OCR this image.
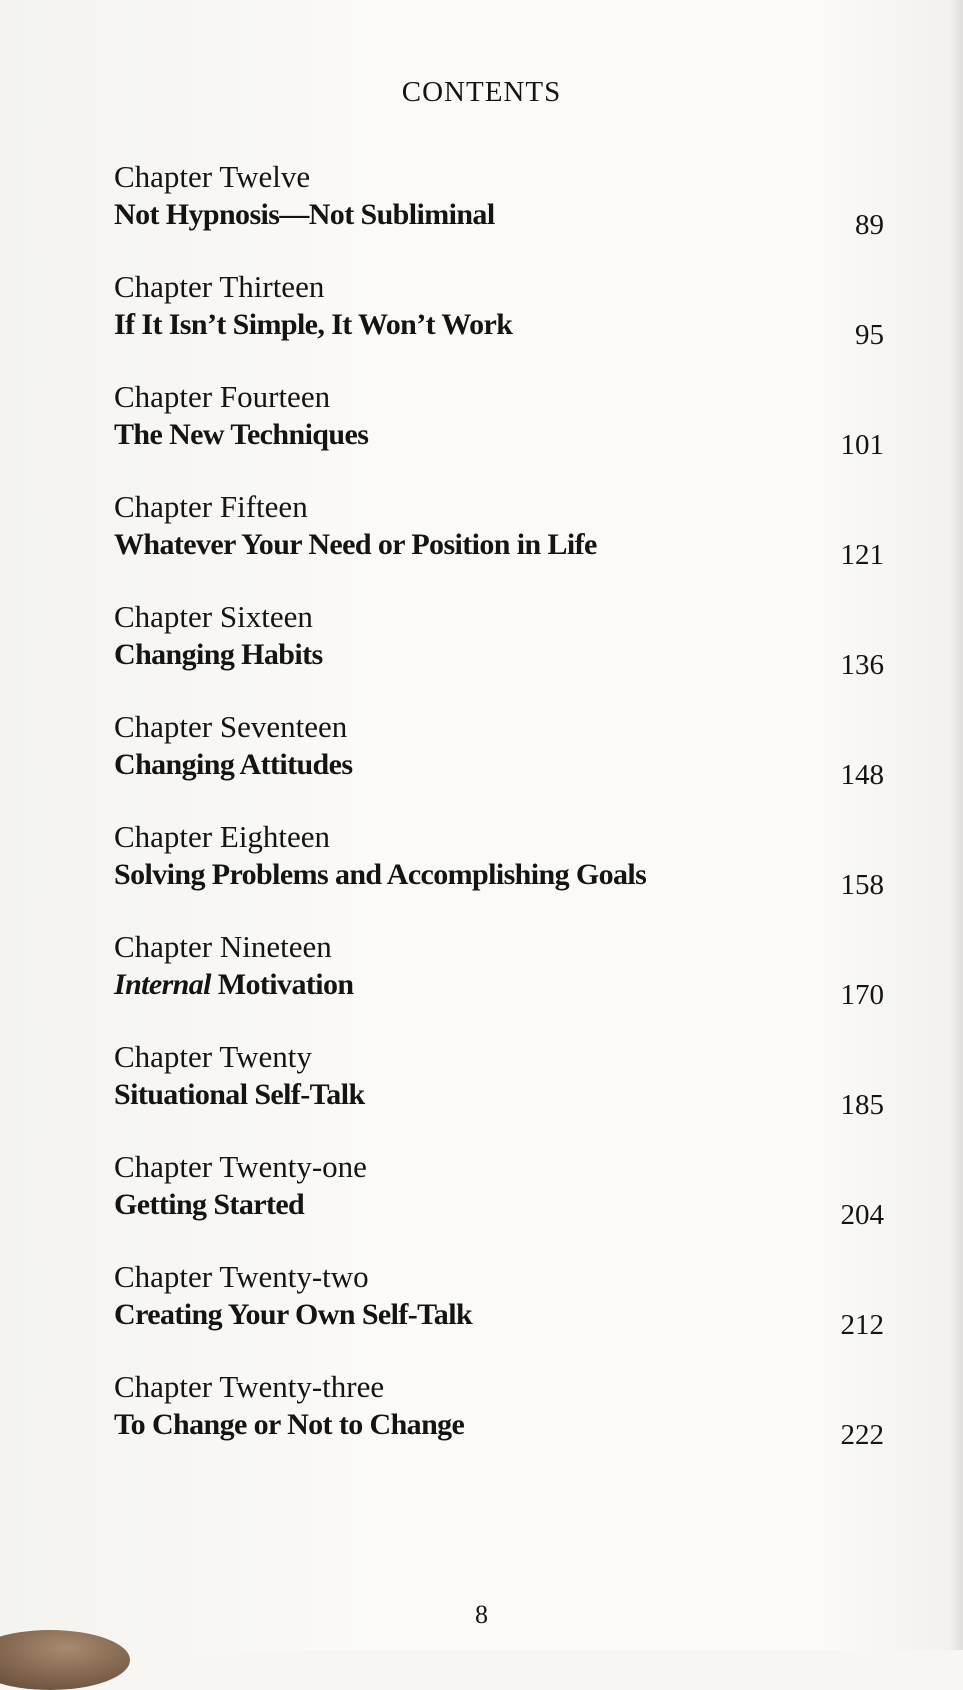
CONTENTS
Chapter Twelve
Not Hypnosis—Not Subliminal	89
Chapter Thirteen
If It Isn’t Simple, It Won’t Work	95
Chapter Fourteen
The New Techniques	101
Chapter Fifteen
Whatever Your Need or Position in Life	121
Chapter Sixteen
Changing Habits	136
Chapter Seventeen
Changing Attitudes	148
Chapter Eighteen
Solving Problems and Accomplishing Goals	158
Chapter Nineteen
Internal Motivation	170
Chapter Twenty
Situational Self-Talk	185
Chapter Twenty-one
Getting Started	204
Chapter Twenty-two
Creating Your Own Self-Talk	212
Chapter Twenty-three
To Change or Not to Change	222
8
